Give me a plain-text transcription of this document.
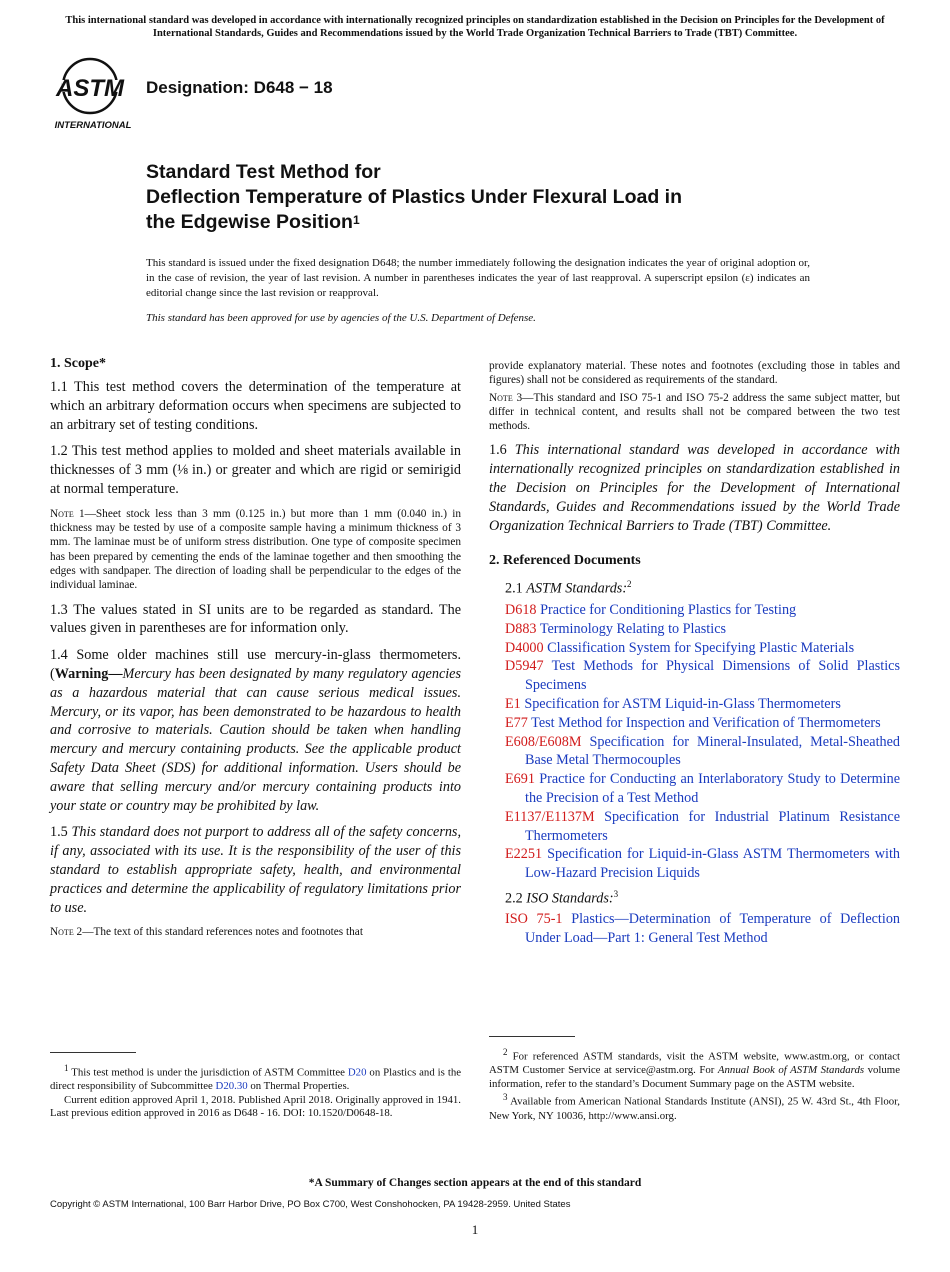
This international standard was developed in accordance with internationally recognized principles on standardization established in the Decision on Principles for the Development of International Standards, Guides and Recommendations issued by the World Trade Organization Technical Barriers to Trade (TBT) Committee.
ASTM
INTERNATIONAL
Designation: D648 − 18
Standard Test Method for
Deflection Temperature of Plastics Under Flexural Load in
the Edgewise Position$^1$
This standard is issued under the fixed designation D648; the number immediately following the designation indicates the year of original adoption or, in the case of revision, the year of last revision. A number in parentheses indicates the year of last reapproval. A superscript epsilon (ε) indicates an editorial change since the last revision or reapproval.
This standard has been approved for use by agencies of the U.S. Department of Defense.
1. Scope*

1.1 This test method covers the determination of the temperature at which an arbitrary deformation occurs when specimens are subjected to an arbitrary set of testing conditions.

1.2 This test method applies to molded and sheet materials available in thicknesses of 3 mm (⅛ in.) or greater and which are rigid or semirigid at normal temperature.

Note 1—Sheet stock less than 3 mm (0.125 in.) but more than 1 mm (0.040 in.) in thickness may be tested by use of a composite sample having a minimum thickness of 3 mm. The laminae must be of uniform stress distribution. One type of composite specimen has been prepared by cementing the ends of the laminae together and then smoothing the edges with sandpaper. The direction of loading shall be perpendicular to the edges of the individual laminae.

1.3 The values stated in SI units are to be regarded as standard. The values given in parentheses are for information only.

1.4 Some older machines still use mercury-in-glass thermometers. (Warning—Mercury has been designated by many regulatory agencies as a hazardous material that can cause serious medical issues. Mercury, or its vapor, has been demonstrated to be hazardous to health and corrosive to materials. Caution should be taken when handling mercury and mercury containing products. See the applicable product Safety Data Sheet (SDS) for additional information. Users should be aware that selling mercury and/or mercury containing products into your state or country may be prohibited by law.

1.5 This standard does not purport to address all of the safety concerns, if any, associated with its use. It is the responsibility of the user of this standard to establish appropriate safety, health, and environmental practices and determine the applicability of regulatory limitations prior to use.

Note 2—The text of this standard references notes and footnotes that

provide explanatory material. These notes and footnotes (excluding those in tables and figures) shall not be considered as requirements of the standard.

Note 3—This standard and ISO 75-1 and ISO 75-2 address the same subject matter, but differ in technical content, and results shall not be compared between the two test methods.

1.6 This international standard was developed in accordance with internationally recognized principles on standardization established in the Decision on Principles for the Development of International Standards, Guides and Recommendations issued by the World Trade Organization Technical Barriers to Trade (TBT) Committee.

2. Referenced Documents
2.1 ASTM Standards:$^2$

D618 Practice for Conditioning Plastics for Testing

D883 Terminology Relating to Plastics

D4000 Classification System for Specifying Plastic Materials

D5947 Test Methods for Physical Dimensions of Solid Plastics Specimens

E1 Specification for ASTM Liquid-in-Glass Thermometers

E77 Test Method for Inspection and Verification of Thermometers

E608/E608M Specification for Mineral-Insulated, Metal-Sheathed Base Metal Thermocouples

E691 Practice for Conducting an Interlaboratory Study to Determine the Precision of a Test Method

E1137/E1137M Specification for Industrial Platinum Resistance Thermometers

E2251 Specification for Liquid-in-Glass ASTM Thermometers with Low-Hazard Precision Liquids

2.2 ISO Standards:$^3$

ISO 75-1 Plastics—Determination of Temperature of Deflection Under Load—Part 1: General Test Method

$^1$ This test method is under the jurisdiction of ASTM Committee D20 on Plastics and is the direct responsibility of Subcommittee D20.30 on Thermal Properties.

Current edition approved April 1, 2018. Published April 2018. Originally approved in 1941. Last previous edition approved in 2016 as D648 - 16. DOI: 10.1520/D0648-18.

$^2$ For referenced ASTM standards, visit the ASTM website, www.astm.org, or contact ASTM Customer Service at service@astm.org. For Annual Book of ASTM Standards volume information, refer to the standard’s Document Summary page on the ASTM website.

$^3$ Available from American National Standards Institute (ANSI), 25 W. 43rd St., 4th Floor, New York, NY 10036, http://www.ansi.org.

*A Summary of Changes section appears at the end of this standard
Copyright © ASTM International, 100 Barr Harbor Drive, PO Box C700, West Conshohocken, PA 19428-2959. United States
1
